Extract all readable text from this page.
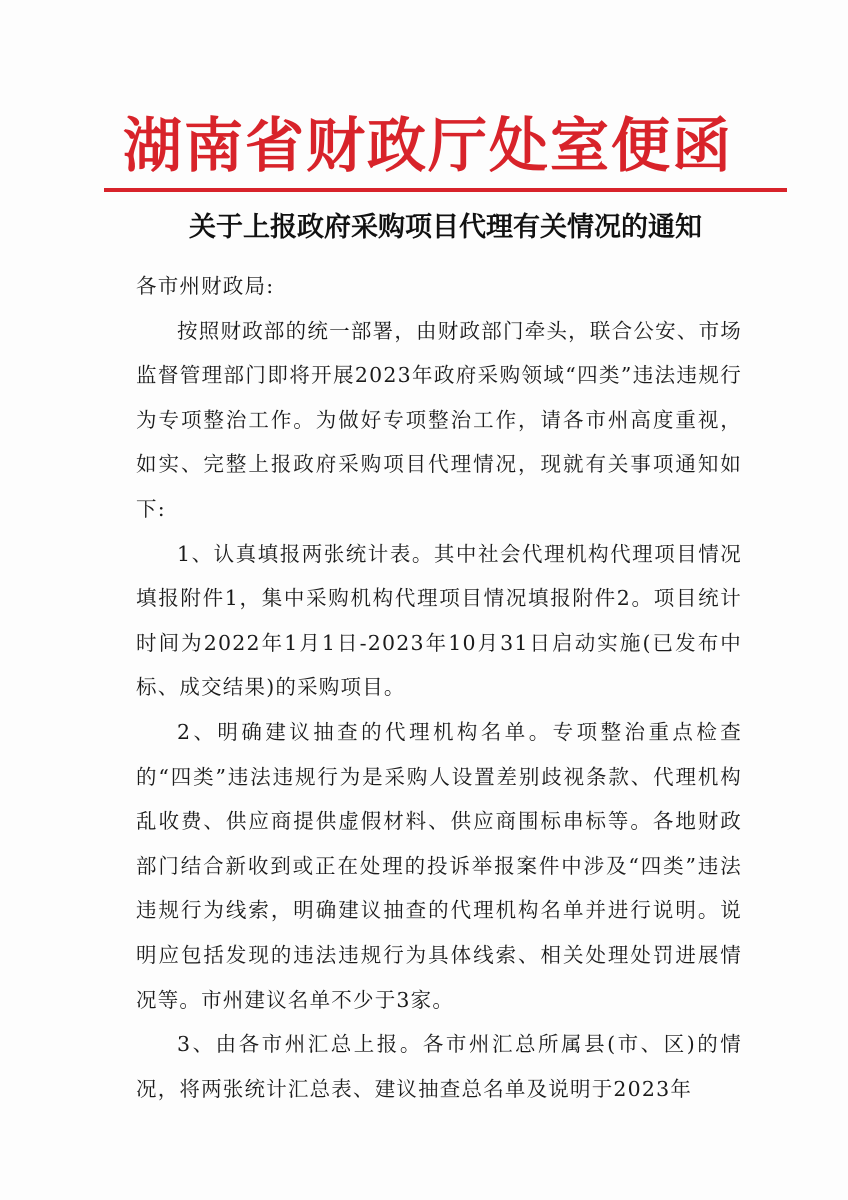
湖南省财政厅处室便函
关于上报政府采购项目代理有关情况的通知

各市州财政局:

按照财政部的统一部署，由财政部门牵头，联合公安、市场监督管理部门即将开展2023年政府采购领域“四类”违法违规行为专项整治工作。为做好专项整治工作，请各市州高度重视，如实、完整上报政府采购项目代理情况，现就有关事项通知如下:

1、认真填报两张统计表。其中社会代理机构代理项目情况填报附件1，集中采购机构代理项目情况填报附件2。项目统计时间为2022年1月1日-2023年10月31日启动实施(已发布中标、成交结果)的采购项目。

2、明确建议抽查的代理机构名单。专项整治重点检查的“四类”违法违规行为是采购人设置差别歧视条款、代理机构乱收费、供应商提供虚假材料、供应商围标串标等。各地财政部门结合新收到或正在处理的投诉举报案件中涉及“四类”违法违规行为线索，明确建议抽查的代理机构名单并进行说明。说明应包括发现的违法违规行为具体线索、相关处理处罚进展情况等。市州建议名单不少于3家。

3、由各市州汇总上报。各市州汇总所属县(市、区)的情况，将两张统计汇总表、建议抽查总名单及说明于2023年
